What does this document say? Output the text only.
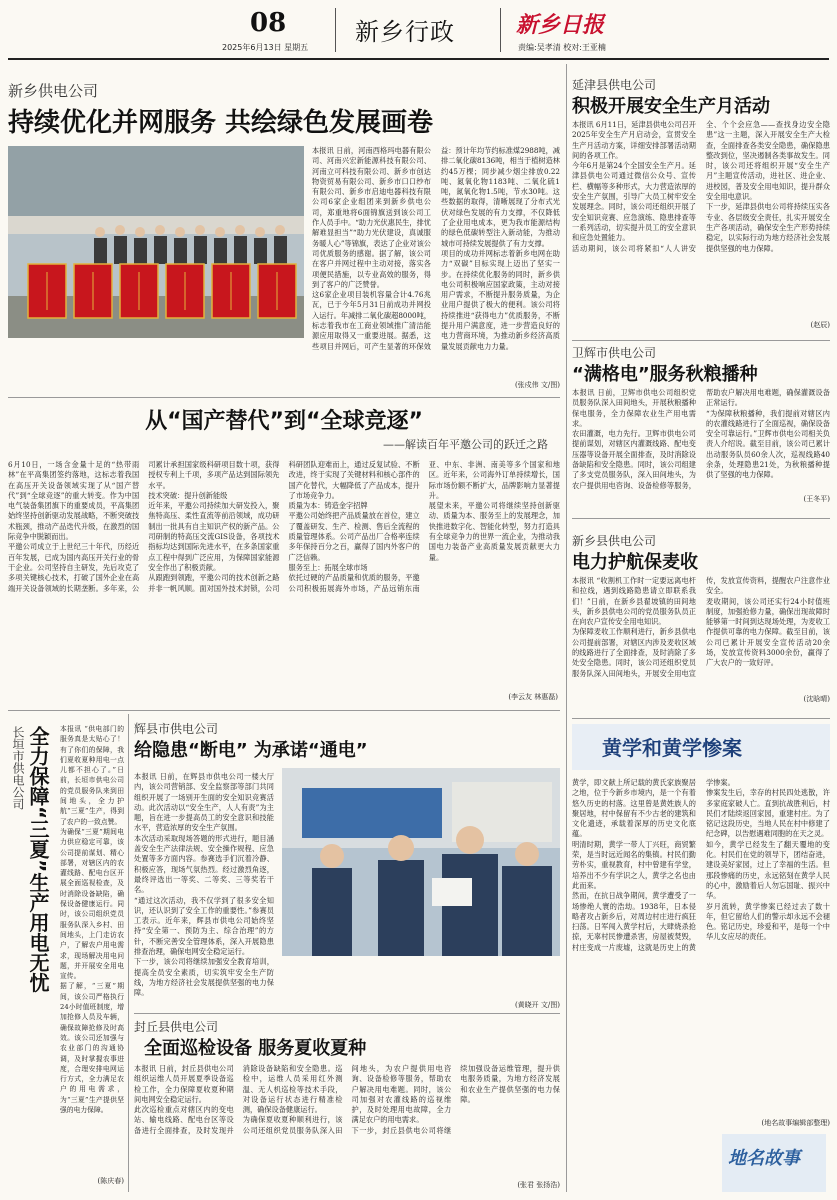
08
2025年6月13日 星期五
新乡行政	新乡日报
责编:吴孝清 校对:王亚楠
新乡供电公司
持续优化并网服务 共绘绿色发展画卷
本报讯 日前，河南西格玛电器有限公司、河南兴宏新能源科技有限公司、河南立可科技有限公司、新乡市创达物资贸易有限公司、新乡市口口纱布有限公司、新乡市启迪电器科技有限公司6家企业组团来到新乡供电公司，郑重地将6面锦旗送到该公司工作人员手中。“助力光伏惠民生，排忧解难显担当”“助力光伏建设，真诚服务暖人心”等锦旗，表达了企业对该公司优质服务的感谢。据了解，该公司在客户并网过程中主动对接，落实各项便民措施，以专业高效的服务，得到了客户的广泛赞誉。
这6家企业项目装机容量合计4.76兆瓦，已于今年5月31日前成功并网投入运行。年减排二氧化碳超8000吨，标志着我市在工商业领域推广清洁能源应用取得又一重要进展。据悉，这些项目并网后，可产生显著的环保效益：预计年均节约标准煤2988吨，减排二氧化碳8136吨，相当于植树造林约45万棵；同步减少烟尘排放0.22吨、氮氧化物1183吨、二氧化硫1吨，氮氧化物1.5吨，节水30吨。这些数据的取得，清晰展现了分布式光伏对绿色发展的有力支撑，不仅降低了企业用电成本，更为我市能源结构的绿色低碳转型注入新动能，为推动城市可持续发展提供了有力支撑。
项目的成功并网标志着新乡电网在助力“双碳”目标实现上迈出了坚实一步。在持续优化服务的同时，新乡供电公司积极响应国家政策，主动对接用户需求，不断提升服务质量，为企业用户提供了极大的便利。该公司将持续推进“获得电力”优质服务，不断提升用户满意度，进一步营造良好的电力营商环境，为推动新乡经济高质量发展贡献电力力量。
(张戍伟 文/图)
从“国产替代”到“全球竞逐”
——解读百年平邀公司的跃迁之路
6月10日，一场含金量十足的“热带雨林”在平高集团签约落地，这标志着我国在高压开关设备领域实现了从“国产替代”到“全球竞逐”的重大转变。作为中国电气装备集团旗下的重要成员，平高集团始终坚持创新驱动发展战略，不断突破技术瓶颈，推动产品迭代升级，在激烈的国际竞争中脱颖而出。
平邀公司成立于上世纪三十年代，历经近百年发展，已成为国内高压开关行业的骨干企业。公司坚持自主研发，先后攻克了多项关键核心技术，打破了国外企业在高端开关设备领域的长期垄断。多年来，公司累计承担国家级科研项目数十项，获得授权专利上千项，多项产品达到国际领先水平。
技术突破：提升创新能级
近年来，平邀公司持续加大研发投入，聚焦特高压、柔性直流等前沿领域，成功研制出一批具有自主知识产权的新产品。公司研制的特高压交流GIS设备，各项技术指标均达到国际先进水平，在多条国家重点工程中得到广泛应用，为保障国家能源安全作出了积极贡献。
从跟跑到领跑，平邀公司的技术创新之路并非一帆风顺。面对国外技术封锁，公司科研团队迎难而上，通过反复试验、不断改进，终于实现了关键材料和核心部件的国产化替代，大幅降低了产品成本，提升了市场竞争力。
质量为本：铸造金字招牌
平邀公司始终把产品质量放在首位，建立了覆盖研发、生产、检测、售后全流程的质量管理体系。公司产品出厂合格率连续多年保持百分之百，赢得了国内外客户的广泛信赖。
服务至上：拓展全球市场
依托过硬的产品质量和优质的服务，平邀公司积极拓展海外市场，产品远销东南亚、中东、非洲、南美等多个国家和地区。近年来，公司海外订单持续增长，国际市场份额不断扩大，品牌影响力显著提升。
展望未来，平邀公司将继续坚持创新驱动、质量为本、服务至上的发展理念，加快推进数字化、智能化转型，努力打造具有全球竞争力的世界一流企业，为推动我国电力装备产业高质量发展贡献更大力量。
(李云友 林惠磊)
延津县供电公司
积极开展安全生产月活动
本报讯 6月11日，延津县供电公司召开2025年安全生产月启动会，宣贯安全生产月活动方案，详细安排部署活动期间的各项工作。
今年6月是第24个全国安全生产月。延津县供电公司通过微信公众号、宣传栏、横幅等多种形式，大力营造浓厚的安全生产氛围，引导广大员工树牢安全发展理念。同时，该公司还组织开展了安全知识竞赛、应急演练、隐患排查等一系列活动，切实提升员工的安全意识和应急处置能力。
活动期间，该公司将紧扣“人人讲安全、个个会应急——查找身边安全隐患”这一主题，深入开展安全生产大检查，全面排查各类安全隐患，确保隐患整改到位，坚决遏制各类事故发生。同时，该公司还将组织开展“安全生产月”主题宣传活动，进社区、进企业、进校园，普及安全用电知识，提升群众安全用电意识。
下一步，延津县供电公司将持续压实各专业、各层级安全责任，扎实开展安全生产各项活动，确保安全生产形势持续稳定，以实际行动为地方经济社会发展提供坚强的电力保障。
(赵辰)
卫辉市供电公司
“满格电”服务秋粮播种
本报讯 日前，卫辉市供电公司组织党员服务队深入田间地头，开展秋粮播种保电服务，全力保障农业生产用电需求。
农田灌溉，电力先行。卫辉市供电公司提前谋划，对辖区内灌溉线路、配电变压器等设备开展全面排查，及时消除设备缺陷和安全隐患。同时，该公司组建了多支党员服务队，深入田间地头，为农户提供用电咨询、设备检修等服务，帮助农户解决用电难题，确保灌溉设备正常运行。
“为保障秋粮播种，我们提前对辖区内的农灌线路进行了全面巡视，确保设备安全可靠运行。”卫辉市供电公司相关负责人介绍说。截至目前，该公司已累计出动服务队员60余人次，巡视线路40余条，处理隐患21处，为秋粮播种提供了坚强的电力保障。
(王冬平)
新乡县供电公司
电力护航保麦收
本报讯 “收割机工作时一定要远离电杆和拉线，遇到线路隐患请立即联系我们！”日前，在新乡县翟坡镇的田间地头，新乡县供电公司的党员服务队员正在向农户宣传安全用电知识。
为保障麦收工作顺利进行，新乡县供电公司提前部署，对辖区内涉及麦收区域的线路进行了全面排查，及时消除了多处安全隐患。同时，该公司还组织党员服务队深入田间地头，开展安全用电宣传，发放宣传资料，提醒农户注意作业安全。
麦收期间，该公司还实行24小时值班制度，加强抢修力量，确保出现故障时能够第一时间到达现场处理，为麦收工作提供可靠的电力保障。截至目前，该公司已累计开展安全宣传活动20余场，发放宣传资料3000余份，赢得了广大农户的一致好评。
(沈晗晴)
长垣市供电公司 全力保障“三夏”生产用电无忧	本报讯 “供电部门的服务真是太贴心了！有了你们的保障，我们夏收夏种用电一点儿都不担心了。”日前，长垣市供电公司的党员服务队来到田间地头，全力护航“三夏”生产，得到了农户的一致点赞。
为确保“三夏”期间电力供应稳定可靠，该公司提前谋划、精心部署，对辖区内的农灌线路、配电台区开展全面巡视检查，及时消除设备缺陷，确保设备健康运行。同时，该公司组织党员服务队深入乡村、田间地头，上门走访农户，了解农户用电需求，现场解决用电问题，并开展安全用电宣传。
据了解，“三夏”期间，该公司严格执行24小时值班制度，增加抢修人员及车辆，确保故障抢修及时高效。该公司还加强与农业部门的沟通协调，及时掌握农事进度，合理安排电网运行方式，全力满足农户的用电需求，为“三夏”生产提供坚强的电力保障。
(陈庆春)
辉县市供电公司
给隐患“断电” 为承诺“通电”
本报讯 日前，在辉县市供电公司一楼大厅内，该公司营销部、安全监察部等部门共同组织开展了一场别开生面的安全知识竞赛活动。此次活动以“安全生产，人人有责”为主题，旨在进一步提高员工的安全意识和技能水平，营造浓厚的安全生产氛围。
本次活动采取现场答题的形式进行，题目涵盖安全生产法律法规、安全操作规程、应急处置等多方面内容。参赛选手们沉着冷静、积极应答，现场气氛热烈。经过激烈角逐，最终评选出一等奖、二等奖、三等奖若干名。
“通过这次活动，我不仅学到了很多安全知识，还认识到了安全工作的重要性。”参赛员工表示。近年来，辉县市供电公司始终坚持“安全第一、预防为主、综合治理”的方针，不断完善安全管理体系，深入开展隐患排查治理，确保电网安全稳定运行。
下一步，该公司将继续加强安全教育培训，提高全员安全素质，切实筑牢安全生产防线，为地方经济社会发展提供坚强的电力保障。
(黄晓开 文/图)
封丘县供电公司
全面巡检设备 服务夏收夏种
本报讯 日前，封丘县供电公司组织运维人员开展夏季设备巡检工作，全力保障夏收夏种期间电网安全稳定运行。
此次巡检重点对辖区内的变电站、输电线路、配电台区等设备进行全面排查，及时发现并消除设备缺陷和安全隐患。巡检中，运维人员采用红外测温、无人机巡检等技术手段，对设备运行状态进行精准检测，确保设备健康运行。
为确保夏收夏种顺利进行，该公司还组织党员服务队深入田间地头，为农户提供用电咨询、设备检修等服务，帮助农户解决用电难题。同时，该公司加强对农灌线路的巡视维护，及时处理用电故障，全力满足农户的用电需求。
下一步，封丘县供电公司将继续加强设备运维管理，提升供电服务质量，为地方经济发展和农业生产提供坚强的电力保障。
(张君 张扬浩)
黄学和黄学惨案
黄学，即文献上所记载的黄氏家族聚居之地，位于今新乡市境内，是一个有着悠久历史的村落。这里曾是黄姓族人的聚居地，村中保留有不少古老的建筑和文化遗迹，承载着深厚的历史文化底蕴。
明清时期，黄学一带人丁兴旺，商贸繁荣，是当时远近闻名的集镇。村民们勤劳朴实，重视教育，村中曾建有学堂，培养出不少有学识之人，黄学之名也由此而来。
然而，在抗日战争期间，黄学遭受了一场惨绝人寰的浩劫。1938年，日本侵略者攻占新乡后，对周边村庄进行疯狂扫荡。日军闯入黄学村后，大肆烧杀抢掠，无辜村民惨遭杀害，房屋被焚毁，村庄变成一片废墟，这就是历史上的黄学惨案。
惨案发生后，幸存的村民四处逃散，许多家庭家破人亡。直到抗战胜利后，村民们才陆续返回家园，重建村庄。为了铭记这段历史，当地人民在村中修建了纪念碑，以告慰遇难同胞的在天之灵。
如今，黄学已经发生了翻天覆地的变化。村民们在党的领导下，团结奋进，建设美好家园，过上了幸福的生活。但那段惨痛的历史，永远铭刻在黄学人民的心中，激励着后人勿忘国耻、振兴中华。
岁月流转，黄学惨案已经过去了数十年，但它留给人们的警示却永远不会褪色。铭记历史，珍爱和平，是每一个中华儿女应尽的责任。
(地名故事编辑部整理)
地名故事
